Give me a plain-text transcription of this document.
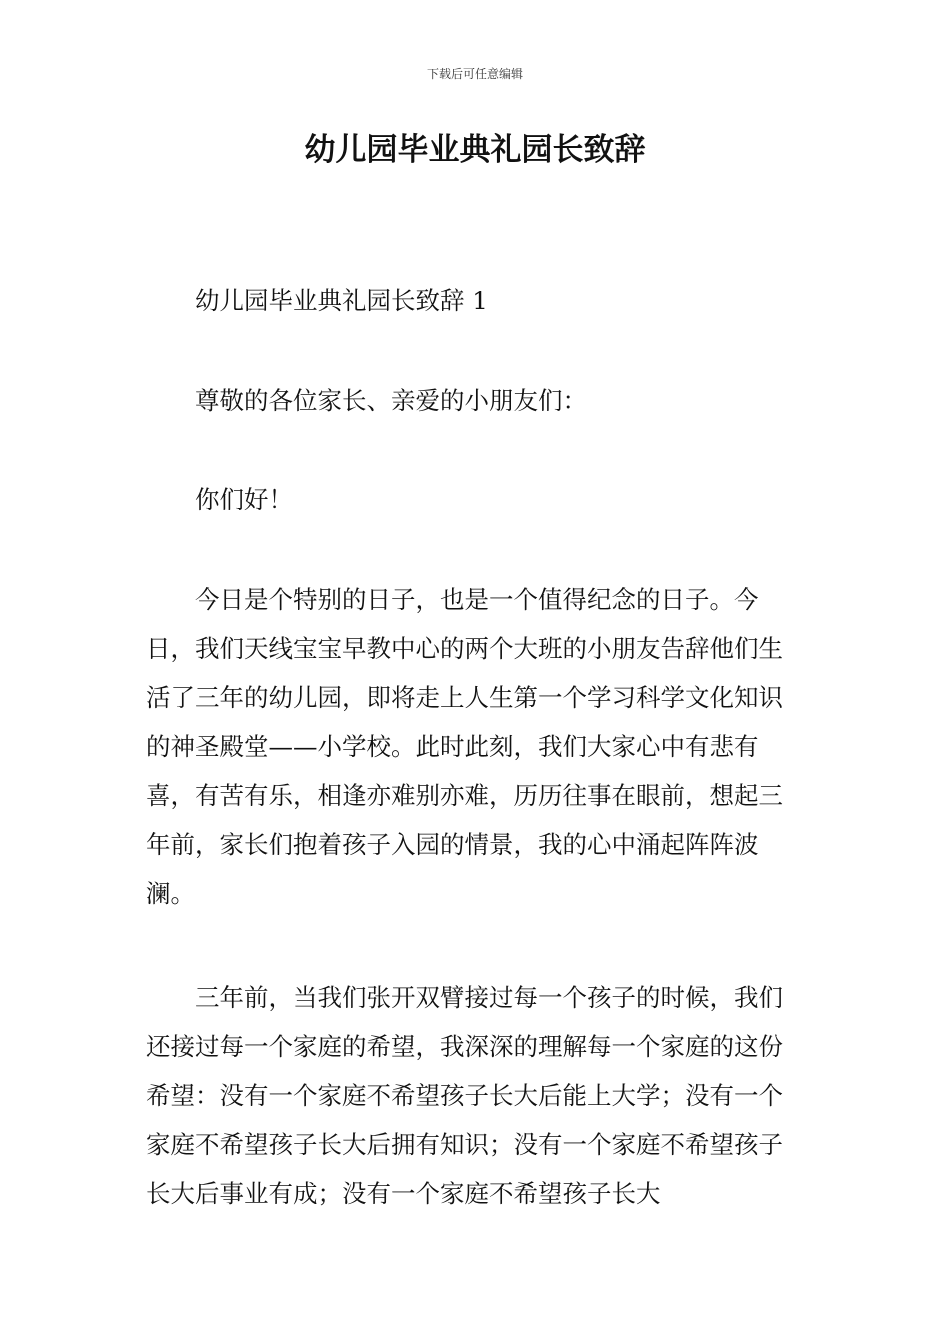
下载后可任意编辑
幼儿园毕业典礼园长致辞

幼儿园毕业典礼园长致辞 1

尊敬的各位家长、亲爱的小朋友们：

你们好！

今日是个特别的日子，也是一个值得纪念的日子。今日，我们天线宝宝早教中心的两个大班的小朋友告辞他们生活了三年的幼儿园，即将走上人生第一个学习科学文化知识的神圣殿堂——小学校。此时此刻，我们大家心中有悲有喜，有苦有乐，相逢亦难别亦难，历历往事在眼前，想起三年前，家长们抱着孩子入园的情景，我的心中涌起阵阵波澜。

三年前，当我们张开双臂接过每一个孩子的时候，我们还接过每一个家庭的希望，我深深的理解每一个家庭的这份希望：没有一个家庭不希望孩子长大后能上大学；没有一个家庭不希望孩子长大后拥有知识；没有一个家庭不希望孩子长大后事业有成；没有一个家庭不希望孩子长大
